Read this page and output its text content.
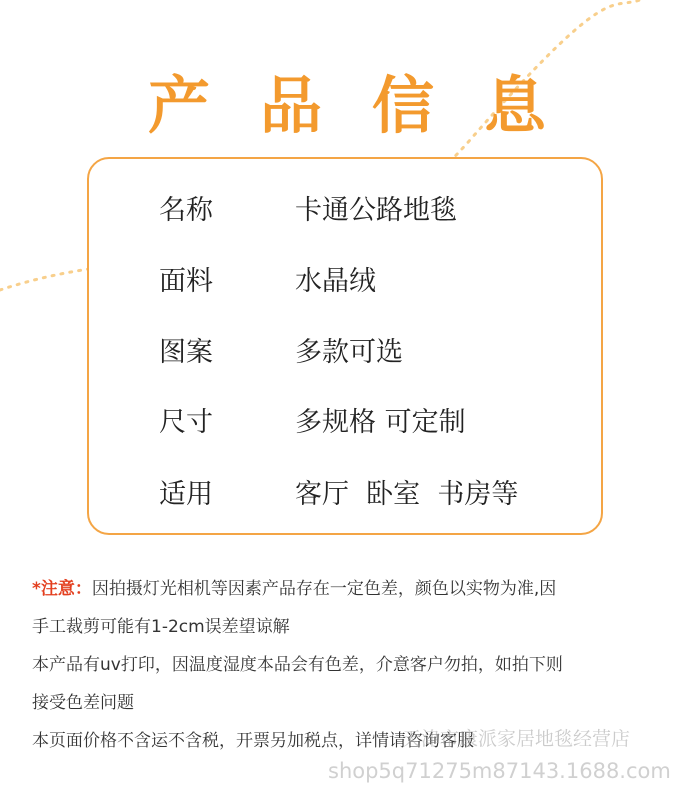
产 品 信 息
名称	卡通公路地毯
面料	水晶绒
图案	多款可选
尺寸	多规格 可定制
适用	客厅  卧室  书房等

*注意：因拍摄灯光相机等因素产品存在一定色差，颜色以实物为准,因

手工裁剪可能有1-2cm误差望谅解

本产品有uv打印，因温度湿度本品会有色差，介意客户勿拍，如拍下则

接受色差问题

本页面价格不含运不含税，开票另加税点，详情请咨询客服

天津市康派家居地毯经营店
shop5q71275m87143.1688.com
